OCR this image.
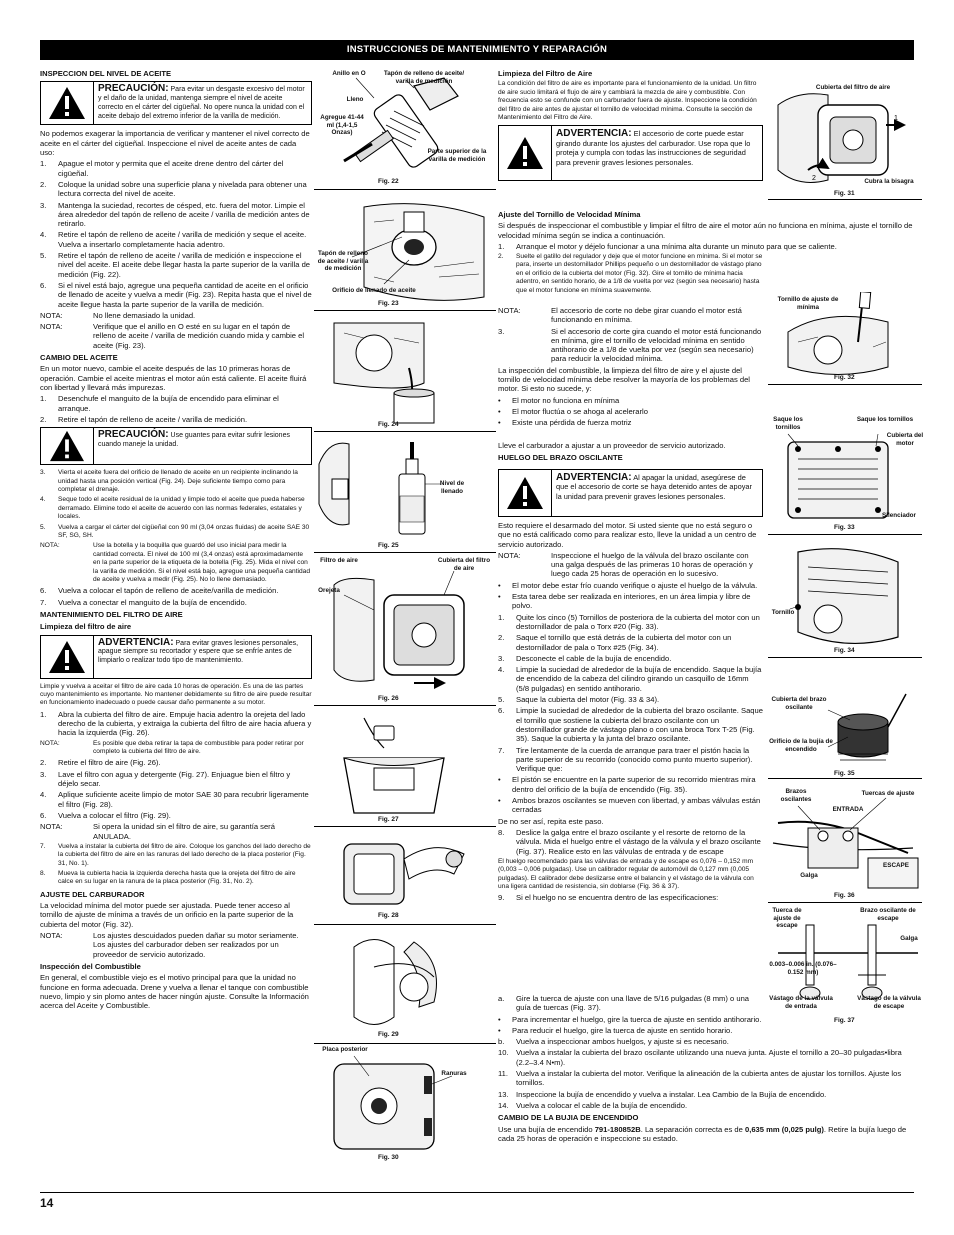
INSTRUCCIONES DE MANTENIMIENTO Y REPARACIÓN
INSPECCION DEL NIVEL DE ACEITE
PRECAUCIÓN: Para evitar un desgaste excesivo del motor y el daño de la unidad, mantenga siempre el nivel de aceite correcto en el cárter del cigüeñal. No opere nunca la unidad con el aceite debajo del extremo inferior de la varilla de medición.

No podemos exagerar la importancia de verificar y mantener el nivel correcto de aceite en el cárter del cigüeñal. Inspeccione el nivel de aceite antes de cada uso:

1.	Apague el motor y permita que el aceite drene dentro del cárter del cigüeñal.
2.	Coloque la unidad sobre una superficie plana y nivelada para obtener una lectura correcta del nivel de aceite.
3.	Mantenga la suciedad, recortes de césped, etc. fuera del motor. Limpie el área alrededor del tapón de relleno de aceite / varilla de medición antes de retirarlo.
4.	Retire el tapón de relleno de aceite / varilla de medición y seque el aceite. Vuelva a insertarlo completamente hacia adentro.
5.	Retire el tapón de relleno de aceite / varilla de medición e inspeccione el nivel del aceite. El aceite debe llegar hasta la parte superior de la varilla de medición (Fig. 22).
6.	Si el nivel está bajo, agregue una pequeña cantidad de aceite en el orificio de llenado de aceite y vuelva a medir (Fig. 23). Repita hasta que el nivel de aceite llegue hasta la parte superior de la varilla de medición.
NOTA:	No llene demasiado la unidad.
NOTA:	Verifique que el anillo en O esté en su lugar en el tapón de relleno de aceite / varilla de medición cuando mida y cambie el aceite (Fig. 23).
CAMBIO DEL ACEITE

En un motor nuevo, cambie el aceite después de las 10 primeras horas de operación. Cambie el aceite mientras el motor aún está caliente. El aceite fluirá con libertad y llevará más impurezas.

1.	Desenchufe el manguito de la bujía de encendido para eliminar el arranque.
2.	Retire el tapón de relleno de aceite / varilla de medición.
PRECAUCIÓN: Use guantes para evitar sufrir lesiones cuando maneje la unidad.
3.	Vierta el aceite fuera del orificio de llenado de aceite en un recipiente inclinando la unidad hasta una posición vertical (Fig. 24). Deje suficiente tiempo como para completar el drenaje.
4.	Seque todo el aceite residual de la unidad y limpie todo el aceite que pueda haberse derramado. Elimine todo el aceite de acuerdo con las normas federales, estatales y locales.
5.	Vuelva a cargar el cárter del cigüeñal con 90 ml (3,04 onzas fluidas) de aceite SAE 30 SF, SG, SH.
NOTA:	Use la botella y la boquilla que guardó del uso inicial para medir la cantidad correcta. El nivel de 100 ml (3,4 onzas) está aproximadamente en la parte superior de la etiqueta de la botella (Fig. 25). Mida el nivel con la varilla de medición. Si el nivel está bajo, agregue una pequeña cantidad de aceite y vuelva a medir (Fig. 25). No lo llene demasiado.
6.	Vuelva a colocar el tapón de relleno de aceite/varilla de medición.
7.	Vuelva a conectar el manguito de la bujía de encendido.
MANTENIMIENTO DEL FILTRO DE AIRE
Limpieza del filtro de aire
ADVERTENCIA: Para evitar graves lesiones personales, apague siempre su recortador y espere que se enfríe antes de limpiarlo o realizar todo tipo de mantenimiento.

Limpie y vuelva a aceitar el filtro de aire cada 10 horas de operación. Es una de las partes cuyo mantenimiento es importante. No mantener debidamente su filtro de aire puede resultar en funcionamiento inadecuado o puede causar daño permanente a su motor.

1.	Abra la cubierta del filtro de aire. Empuje hacia adentro la orejeta del lado derecho de la cubierta, y extraiga la cubierta del filtro de aire hacia afuera y hacia la izquierda (Fig. 26).
NOTA:	Es posible que deba retirar la tapa de combustible para poder retirar por completo la cubierta del filtro de aire.
2.	Retire el filtro de aire (Fig. 26).
3.	Lave el filtro con agua y detergente (Fig. 27). Enjuague bien el filtro y déjelo secar.
4.	Aplique suficiente aceite limpio de motor SAE 30 para recubrir ligeramente el filtro (Fig. 28).
6.	Vuelva a colocar el filtro (Fig. 29).
NOTA:	Si opera la unidad sin el filtro de aire, su garantía será ANULADA.
7.	Vuelva a instalar la cubierta del filtro de aire. Coloque los ganchos del lado derecho de la cubierta del filtro de aire en las ranuras del lado derecho de la placa posterior (Fig. 31, No. 1).
8.	Mueva la cubierta hacia la izquierda derecha hasta que la orejeta del filtro de aire calce en su lugar en la ranura de la placa posterior (Fig. 31, No. 2).
AJUSTE DEL CARBURADOR

La velocidad mínima del motor puede ser ajustada. Puede tener acceso al tornillo de ajuste de mínima a través de un orificio en la parte superior de la cubierta del motor (Fig. 32).

NOTA:	Los ajustes descuidados pueden dañar su motor seriamente. Los ajustes del carburador deben ser realizados por un proveedor de servicio autorizado.
Inspección del Combustible

En general, el combustible viejo es el motivo principal para que la unidad no funcione en forma adecuada. Drene y vuelva a llenar el tanque con combustible nuevo, limpio y sin plomo antes de hacer ningún ajuste. Consulte la Información acerca del Aceite y Combustible.

Anillo en O	Tapón de relleno de aceite/ varilla de medición
Lleno
Agregue 41-44 ml (1,4-1,5 Onzas)
Parte superior de la varilla de medición
Fig. 22
Tapón de relleno de aceite / varilla de medición
Orificio de llenado de aceite
Fig. 23
Fig. 24
Nivel de llenado
Fig. 25
Filtro de aire	Cubierta del filtro de aire
Orejeta
Fig. 26
Fig. 27
Fig. 28
Fig. 29
Placa posterior
Ranuras
Fig. 30
Limpieza del Filtro de Aire

La condición del filtro de aire es importante para el funcionamiento de la unidad. Un filtro de aire sucio limitará el flujo de aire y cambiará la mezcla de aire y combustible. Con frecuencia esto se confunde con un carburador fuera de ajuste. Inspeccione la condición del filtro de aire antes de ajustar el tornillo de velocidad mínima. Consulte la sección de Mantenimiento del Filtro de Aire.

ADVERTENCIA: El accesorio de corte puede estar girando durante los ajustes del carburador. Use ropa que lo proteja y cumpla con todas las instrucciones de seguridad para prevenir graves lesiones personales.
Ajuste del Tornillo de Velocidad Mínima

Si después de inspeccionar el combustible y limpiar el filtro de aire el motor aún no funciona en mínima, ajuste el tornillo de velocidad mínima según se indica a continuación.

1.	Arranque el motor y déjelo funcionar a una mínima alta durante un minuto para que se caliente.
2.	Suelte el gatillo del regulador y deje que el motor funcione en mínima. Si el motor se para, inserte un destornillador Phillips pequeño o un destornillador de vástago plano en el orificio de la cubierta del motor (Fig. 32). Gire el tornillo de mínima hacia adentro, en sentido horario, de a 1/8 de vuelta por vez (según sea necesario) hasta que el motor funcione en mínima suavemente.
NOTA:	El accesorio de corte no debe girar cuando el motor está funcionando en mínima.
3.	Si el accesorio de corte gira cuando el motor está funcionando en mínima, gire el tornillo de velocidad mínima en sentido antihorario de a 1/8 de vuelta por vez (según sea necesario) para reducir la velocidad mínima.

La inspección del combustible, la limpieza del filtro de aire y el ajuste del tornillo de velocidad mínima debe resolver la mayoría de los problemas del motor. Si esto no sucede, y:

•	El motor no funciona en mínima
•	El motor fluctúa o se ahoga al acelerarlo
•	Existe una pérdida de fuerza motriz

Lleve el carburador a ajustar a un proveedor de servicio autorizado.

HUELGO DEL BRAZO OSCILANTE
ADVERTENCIA: Al apagar la unidad, asegúrese de que el accesorio de corte se haya detenido antes de apoyar la unidad para prevenir graves lesiones personales.

Esto requiere el desarmado del motor. Si usted siente que no está seguro o que no está calificado como para realizar esto, lleve la unidad a un centro de servicio autorizado.

NOTA:	Inspeccione el huelgo de la válvula del brazo oscilante con una galga después de las primeras 10 horas de operación y luego cada 25 horas de operación en lo sucesivo.
•	El motor debe estar frío cuando verifique o ajuste el huelgo de la válvula.
•	Esta tarea debe ser realizada en interiores, en un área limpia y libre de polvo.
1.	Quite los cinco (5) Tornillos de posteriora de la cubierta del motor con un destornillador de pala o Torx #20 (Fig. 33).
2.	Saque el tornillo que está detrás de la cubierta del motor con un destornillador de pala o Torx #25 (Fig. 34).
3.	Desconecte el cable de la bujía de encendido.
4.	Limpie la suciedad de alrededor de la bujía de encendido. Saque la bujía de encendido de la cabeza del cilindro girando un casquillo de 16mm (5/8 pulgadas) en sentido antihorario.
5.	Saque la cubierta del motor (Fig. 33 & 34).
6.	Limpie la suciedad de alrededor de la cubierta del brazo oscilante. Saque el tornillo que sostiene la cubierta del brazo oscilante con un destornillador grande de vástago plano o con una broca Torx T-25 (Fig. 35). Saque la cubierta y la junta del brazo oscilante.
7.	Tire lentamente de la cuerda de arranque para traer el pistón hacia la parte superior de su recorrido (conocido como punto muerto superior). Verifique que:
•	El pistón se encuentre en la parte superior de su recorrido mientras mira dentro del orificio de la bujía de encendido (Fig. 35).
•	Ambos brazos oscilantes se mueven con libertad, y ambas válvulas están cerradas

De no ser así, repita este paso.

8.	Deslice la galga entre el brazo oscilante y el resorte de retorno de la válvula. Mida el huelgo entre el vástago de la válvula y el brazo oscilante (Fig. 37). Realice esto en las válvulas de entrada y de escape

El huelgo recomendado para las válvulas de entrada y de escape es 0,076 – 0,152 mm (0,003 – 0,006 pulgadas). Use un calibrador regular de automóvil de 0,127 mm (0,005 pulgadas). El calibrador debe deslizarse entre el balancín y el vástago de la válvula con una ligera cantidad de resistencia, sin doblarse (Fig. 36 & 37).

9.	Si el huelgo no se encuentra dentro de las especificaciones:
a.	Gire la tuerca de ajuste con una llave de 5/16 pulgadas (8 mm) o una guía de tuercas (Fig. 37).
•	Para incrementar el huelgo, gire la tuerca de ajuste en sentido antihorario.
•	Para reducir el huelgo, gire la tuerca de ajuste en sentido horario.
b.	Vuelva a inspeccionar ambos huelgos, y ajuste si es necesario.
10. Vuelva a instalar la cubierta del brazo oscilante utilizando una nueva junta. Ajuste el tornillo a 20–30 pulgadas•libra (2.2–3.4 N•m).
11.	Vuelva a instalar la cubierta del motor. Verifique la alineación de la cubierta antes de ajustar los tornillos. Ajuste los tornillos.
13. Inspeccione la bujía de encendido y vuelva a instalar. Lea Cambio de la Bujía de encendido.
14. Vuelva a colocar el cable de la bujía de encendido.
CAMBIO DE LA BUJIA DE ENCENDIDO

Use una bujía de encendido 791-180852B. La separación correcta es de 0,635 mm (0,025 pulg). Retire la bujía luego de cada 25 horas de operación e inspeccione su estado.

2
1
Cubierta del filtro de aire
Cubra la bisagra
Fig. 31
Tornillo de ajuste de mínima
Fig. 32
Saque los tornillos
Saque los tornillos
Cubierta del motor
Silenciador
Fig. 33
Tornillo
Fig. 34
Cubierta del brazo oscilante
Orificio de la bujía de encendido
Fig. 35
Brazos oscilantes
Tuercas de ajuste
ENTRADA
ESCAPE
Galga
Fig. 36
Tuerca de ajuste de escape
Brazo oscilante de escape
Galga
0.003–0.006 in. (0.076–0.152 mm)
Vástago de la válvula de entrada
Vástago de la válvula de escape
Fig. 37
14
